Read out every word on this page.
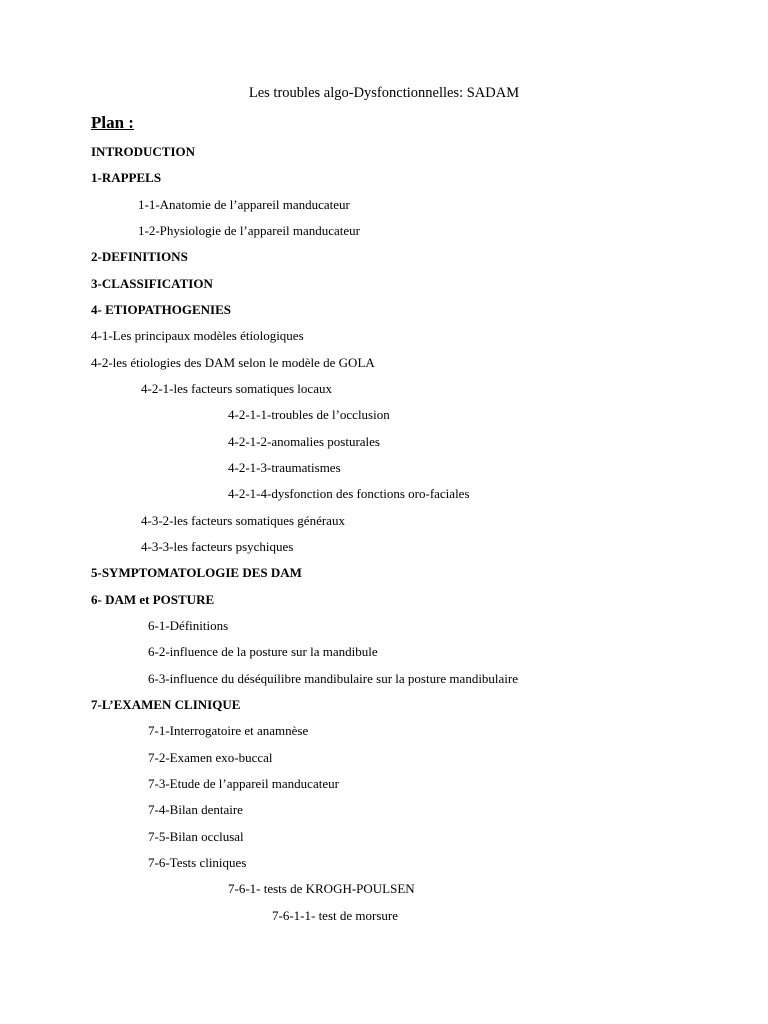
Les troubles algo-Dysfonctionnelles: SADAM
Plan :
INTRODUCTION
1-RAPPELS
1-1-Anatomie de l’appareil manducateur
1-2-Physiologie de l’appareil manducateur
2-DEFINITIONS
3-CLASSIFICATION
4- ETIOPATHOGENIES
4-1-Les principaux modèles étiologiques
4-2-les étiologies des DAM selon le modèle de GOLA
4-2-1-les facteurs somatiques locaux
4-2-1-1-troubles de l’occlusion
4-2-1-2-anomalies posturales
4-2-1-3-traumatismes
4-2-1-4-dysfonction des fonctions oro-faciales
4-3-2-les facteurs somatiques généraux
4-3-3-les facteurs psychiques
5-SYMPTOMATOLOGIE DES DAM
6- DAM et POSTURE
6-1-Définitions
6-2-influence de la posture sur la mandibule
6-3-influence du déséquilibre mandibulaire sur la posture mandibulaire
7-L’EXAMEN CLINIQUE
7-1-Interrogatoire et anamnèse
7-2-Examen exo-buccal
7-3-Etude de l’appareil manducateur
7-4-Bilan dentaire
7-5-Bilan occlusal
7-6-Tests cliniques
7-6-1- tests de KROGH-POULSEN
7-6-1-1- test de morsure
